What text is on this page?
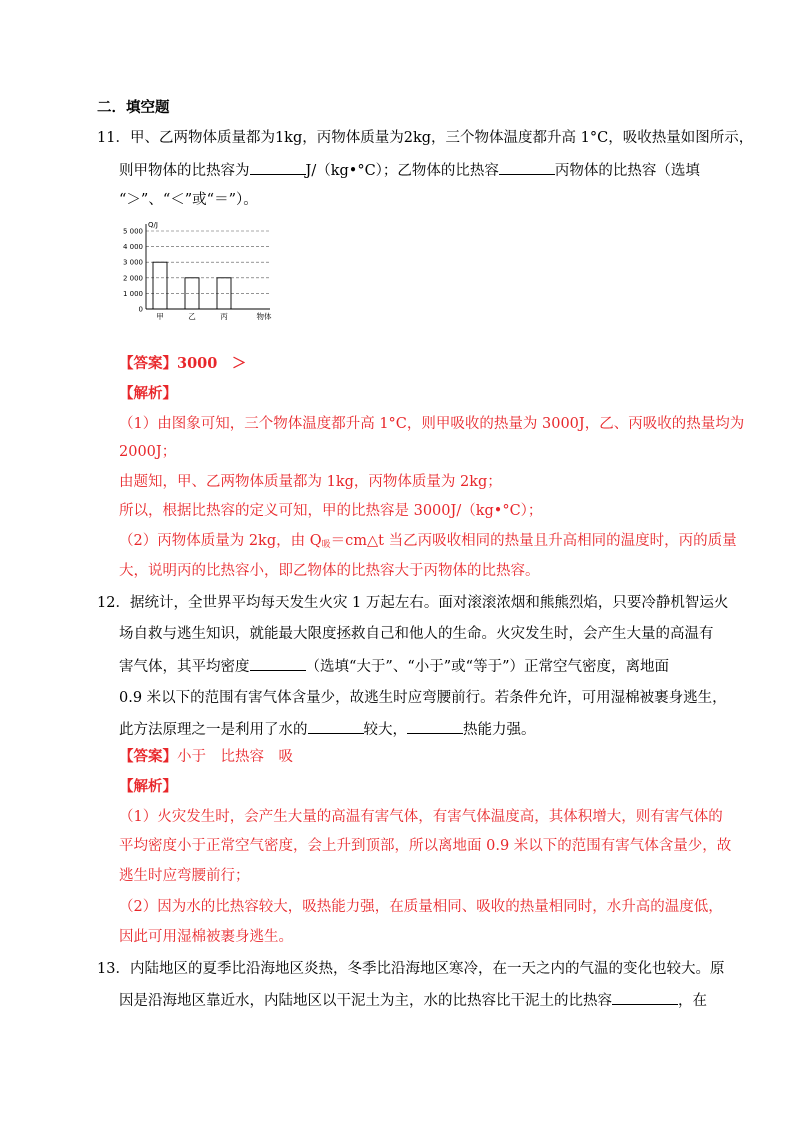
二．填空题
11．甲、乙两物体质量都为1kg，丙物体质量为2kg，三个物体温度都升高 1°C，吸收热量如图所示，
则甲物体的比热容为	J/（kg•°C）；乙物体的比热容	丙物体的比热容（选填
“＞”、“＜”或“＝”）。
0
1 000
2 000
3 000
4 000
5 000
Q/J
甲	乙	丙	物体
【答案】3000　＞
【解析】
（1）由图象可知，三个物体温度都升高 1°C，则甲吸收的热量为 3000J，乙、丙吸收的热量均为
2000J；
由题知，甲、乙两物体质量都为 1kg，丙物体质量为 2kg；
所以，根据比热容的定义可知，甲的比热容是 3000J/（kg•°C）；
（2）丙物体质量为 2kg，由 $Q_吸=cm\triangle t$ 当乙丙吸收相同的热量且升高相同的温度时，丙的质量
大，说明丙的比热容小，即乙物体的比热容大于丙物体的比热容。
12．据统计，全世界平均每天发生火灾 1 万起左右。面对滚滚浓烟和熊熊烈焰，只要冷静机智运火
场自救与逃生知识，就能最大限度拯救自己和他人的生命。火灾发生时，会产生大量的高温有
害气体，其平均密度	（选填“大于”、“小于”或“等于”）正常空气密度，离地面
0.9 米以下的范围有害气体含量少，故逃生时应弯腰前行。若条件允许，可用湿棉被裹身逃生，
此方法原理之一是利用了水的	较大，	热能力强。
【答案】小于　比热容　吸
【解析】
（1）火灾发生时，会产生大量的高温有害气体，有害气体温度高，其体积增大，则有害气体的
平均密度小于正常空气密度，会上升到顶部，所以离地面 0.9 米以下的范围有害气体含量少，故
逃生时应弯腰前行；
（2）因为水的比热容较大，吸热能力强，在质量相同、吸收的热量相同时，水升高的温度低，
因此可用湿棉被裹身逃生。
13．内陆地区的夏季比沿海地区炎热，冬季比沿海地区寒冷，在一天之内的气温的变化也较大。原
因是沿海地区靠近水，内陆地区以干泥土为主，水的比热容比干泥土的比热容	，在
